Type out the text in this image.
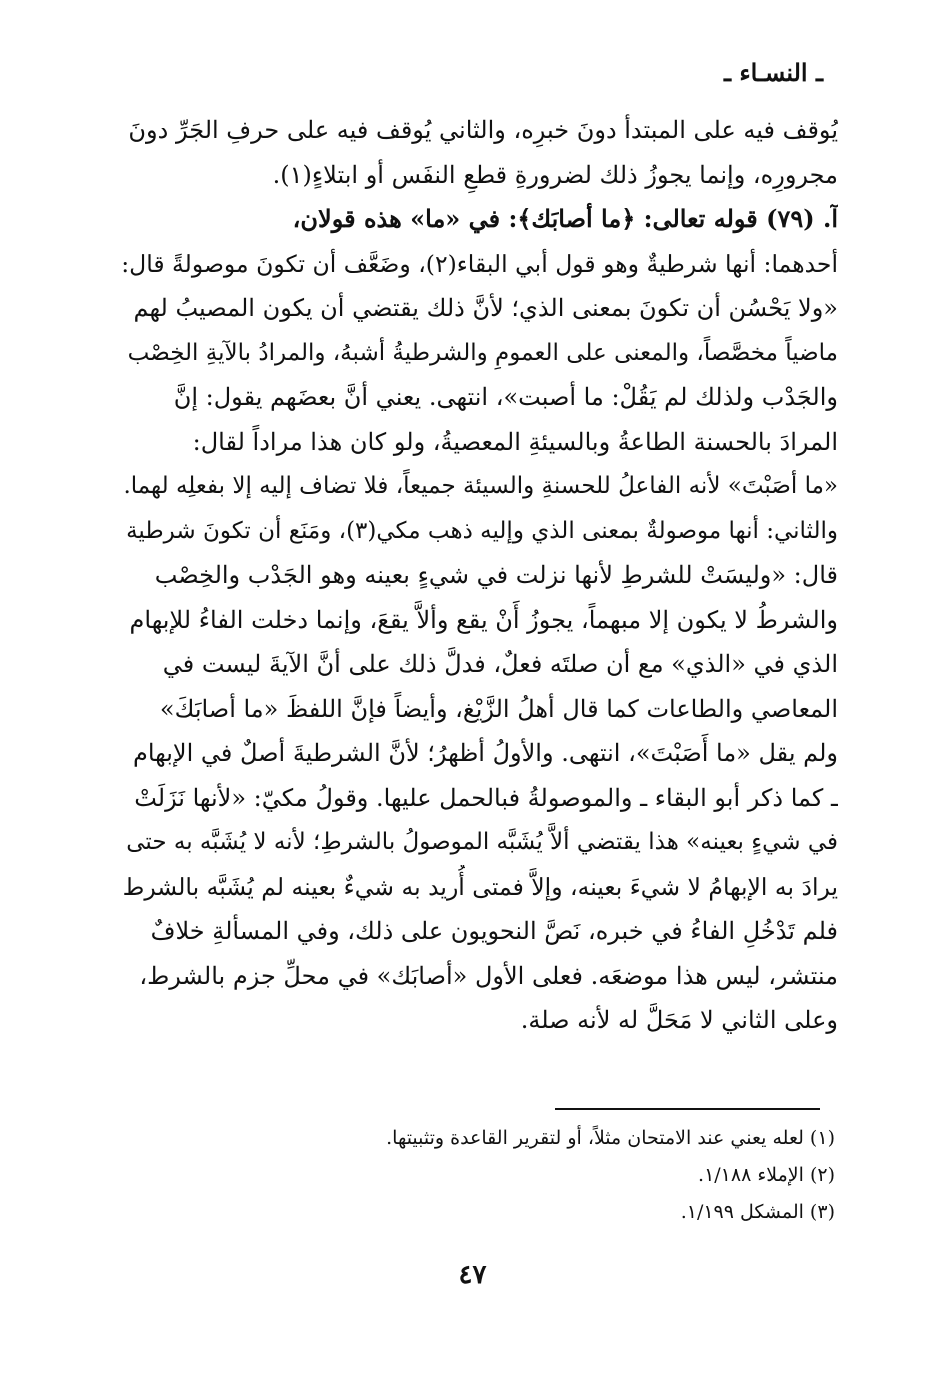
ـ النسـاء ـ
يُوقف فيه على المبتدأ دونَ خبرِه، والثاني يُوقف فيه على حرفِ الجَرِّ دونَ
مجرورِه، وإنما يجوزُ ذلك لضرورةِ قطعِ النفَس أو ابتلاءٍ(١).
آ. (٧٩) قوله تعالى: ﴿ما أصابَك﴾: في «ما» هذه قولان،
أحدهما: أنها شرطيةٌ وهو قول أبي البقاء(٢)، وضَعَّف أن تكونَ موصولةً قال:
«ولا يَحْسُن أن تكونَ بمعنى الذي؛ لأنَّ ذلك يقتضي أن يكون المصيبُ لهم
ماضياً مخصَّصاً، والمعنى على العمومِ والشرطيةُ أشبهُ، والمرادُ بالآيةِ الخِصْب
والجَدْب ولذلك لم يَقُلْ: ما أصبت»، انتهى. يعني أنَّ بعضَهم يقول: إنَّ
المرادَ بالحسنة الطاعةُ وبالسيئةِ المعصيةُ، ولو كان هذا مراداً لقال:
«ما أصَبْتَ» لأنه الفاعلُ للحسنةِ والسيئة جميعاً، فلا تضاف إليه إلا بفعلِه لهما.
والثاني: أنها موصولةٌ بمعنى الذي وإليه ذهب مكي(٣)، ومَنَع أن تكونَ شرطية
قال: «وليسَتْ للشرطِ لأنها نزلت في شيءٍ بعينه وهو الجَدْب والخِصْب
والشرطُ لا يكون إلا مبهماً، يجوزُ أَنْ يقع وألاَّ يقعَ، وإنما دخلت الفاءُ للإبهام
الذي في «الذي» مع أن صلتَه فعلٌ، فدلَّ ذلك على أنَّ الآيةَ ليست في
المعاصي والطاعات كما قال أهلُ الزَّيْغ، وأيضاً فإنَّ اللفظَ «ما أصابَكَ»
ولم يقل «ما أَصَبْتَ»، انتهى. والأولُ أظهرُ؛ لأنَّ الشرطيةَ أصلٌ في الإبهام
ـ كما ذكر أبو البقاء ـ والموصولةُ فبالحمل عليها. وقولُ مكيّ: «لأنها نَزَلَتْ
في شيءٍ بعينه» هذا يقتضي ألاَّ يُشَبَّه الموصولُ بالشرطِ؛ لأنه لا يُشَبَّه به حتى
يرادَ به الإبهامُ لا شيءَ بعينه، وإلاَّ فمتى أُريد به شيءٌ بعينه لم يُشَبَّه بالشرط
فلم تَدْخُلِ الفاءُ في خبره، نَصَّ النحويون على ذلك، وفي المسألةِ خلافٌ
منتشر، ليس هذا موضعَه. فعلى الأول «أصابَك» في محلِّ جزم بالشرط،
وعلى الثاني لا مَحَلَّ له لأنه صلة.
(١) لعله يعني عند الامتحان مثلاً، أو لتقرير القاعدة وتثبيتها.
(٢) الإملاء ١/١٨٨.
(٣) المشكل ١/١٩٩.
٤٧
